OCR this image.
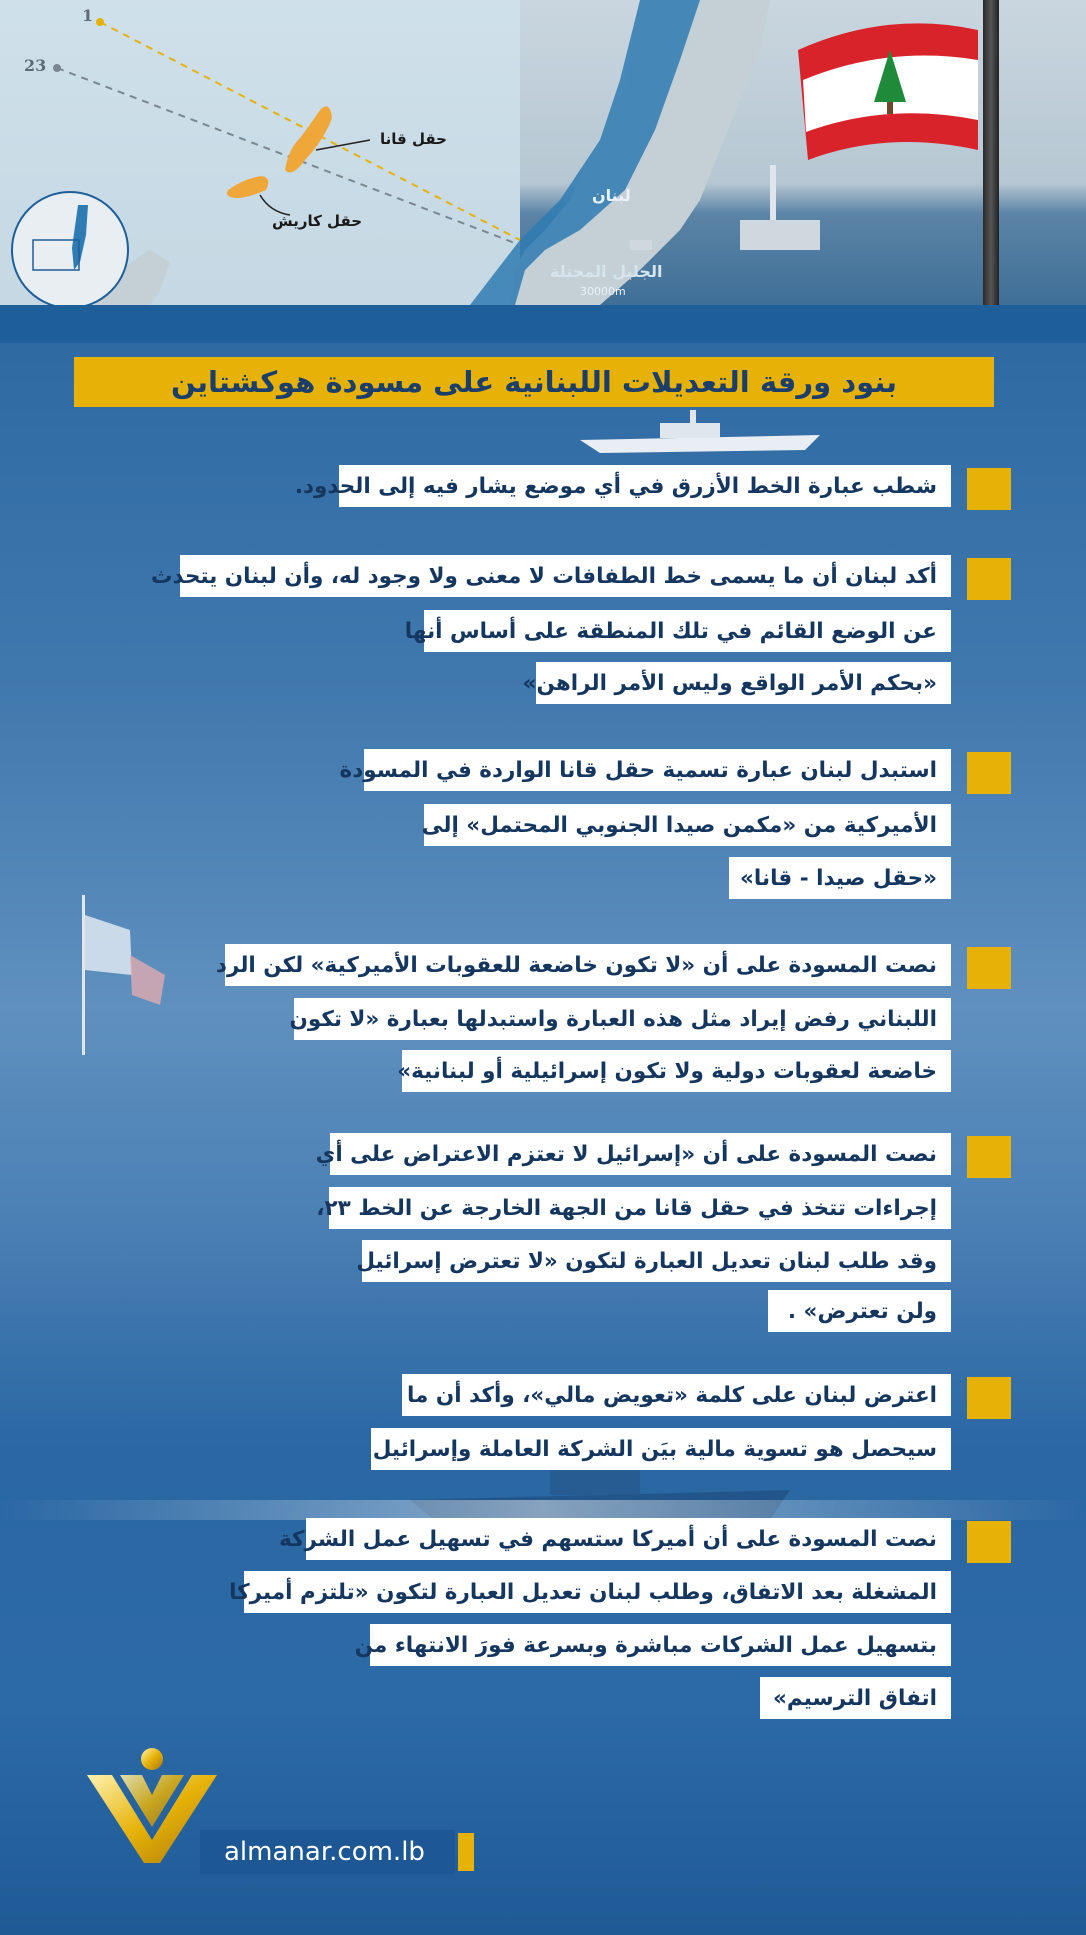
1
23
حقل قانا
حقل كاريش
لبنان
الجليل المحتلة
30000m
بنود ورقة التعديلات اللبنانية على مسودة هوكشتاين
شطب عبارة الخط الأزرق في أي موضع يشار فيه إلى الحدود.
أكد لبنان أن ما يسمى خط الطفافات لا معنى ولا وجود له، وأن لبنان يتحدث
عن الوضع القائم في تلك المنطقة على أساس أنها
«بحكم الأمر الواقع وليس الأمر الراهن»
استبدل لبنان عبارة تسمية حقل قانا الواردة في المسودة
الأميركية من «مكمن صيدا الجنوبي المحتمل» إلى
«حقل صيدا - قانا»
نصت المسودة على أن «لا تكون خاضعة للعقوبات الأميركية» لكن الرد
اللبناني رفض إيراد مثل هذه العبارة واستبدلها بعبارة «لا تكون
خاضعة لعقوبات دولية ولا تكون إسرائيلية أو لبنانية»
نصت المسودة على أن «إسرائيل لا تعتزم الاعتراض على أي
إجراءات تتخذ في حقل قانا من الجهة الخارجة عن الخط ٢٣،
وقد طلب لبنان تعديل العبارة لتكون «لا تعترض إسرائيل
ولن تعترض» .
اعترض لبنان على كلمة «تعويض مالي»، وأكد أن ما
سيحصل هو تسوية مالية بيَن الشركة العاملة وإسرائيل
نصت المسودة على أن أميركا ستسهم في تسهيل عمل الشركة
المشغلة بعد الاتفاق، وطلب لبنان تعديل العبارة لتكون «تلتزم أميركا
بتسهيل عمل الشركات مباشرة وبسرعة فورَ الانتهاء من
اتفاق الترسيم»
almanar.com.lb
